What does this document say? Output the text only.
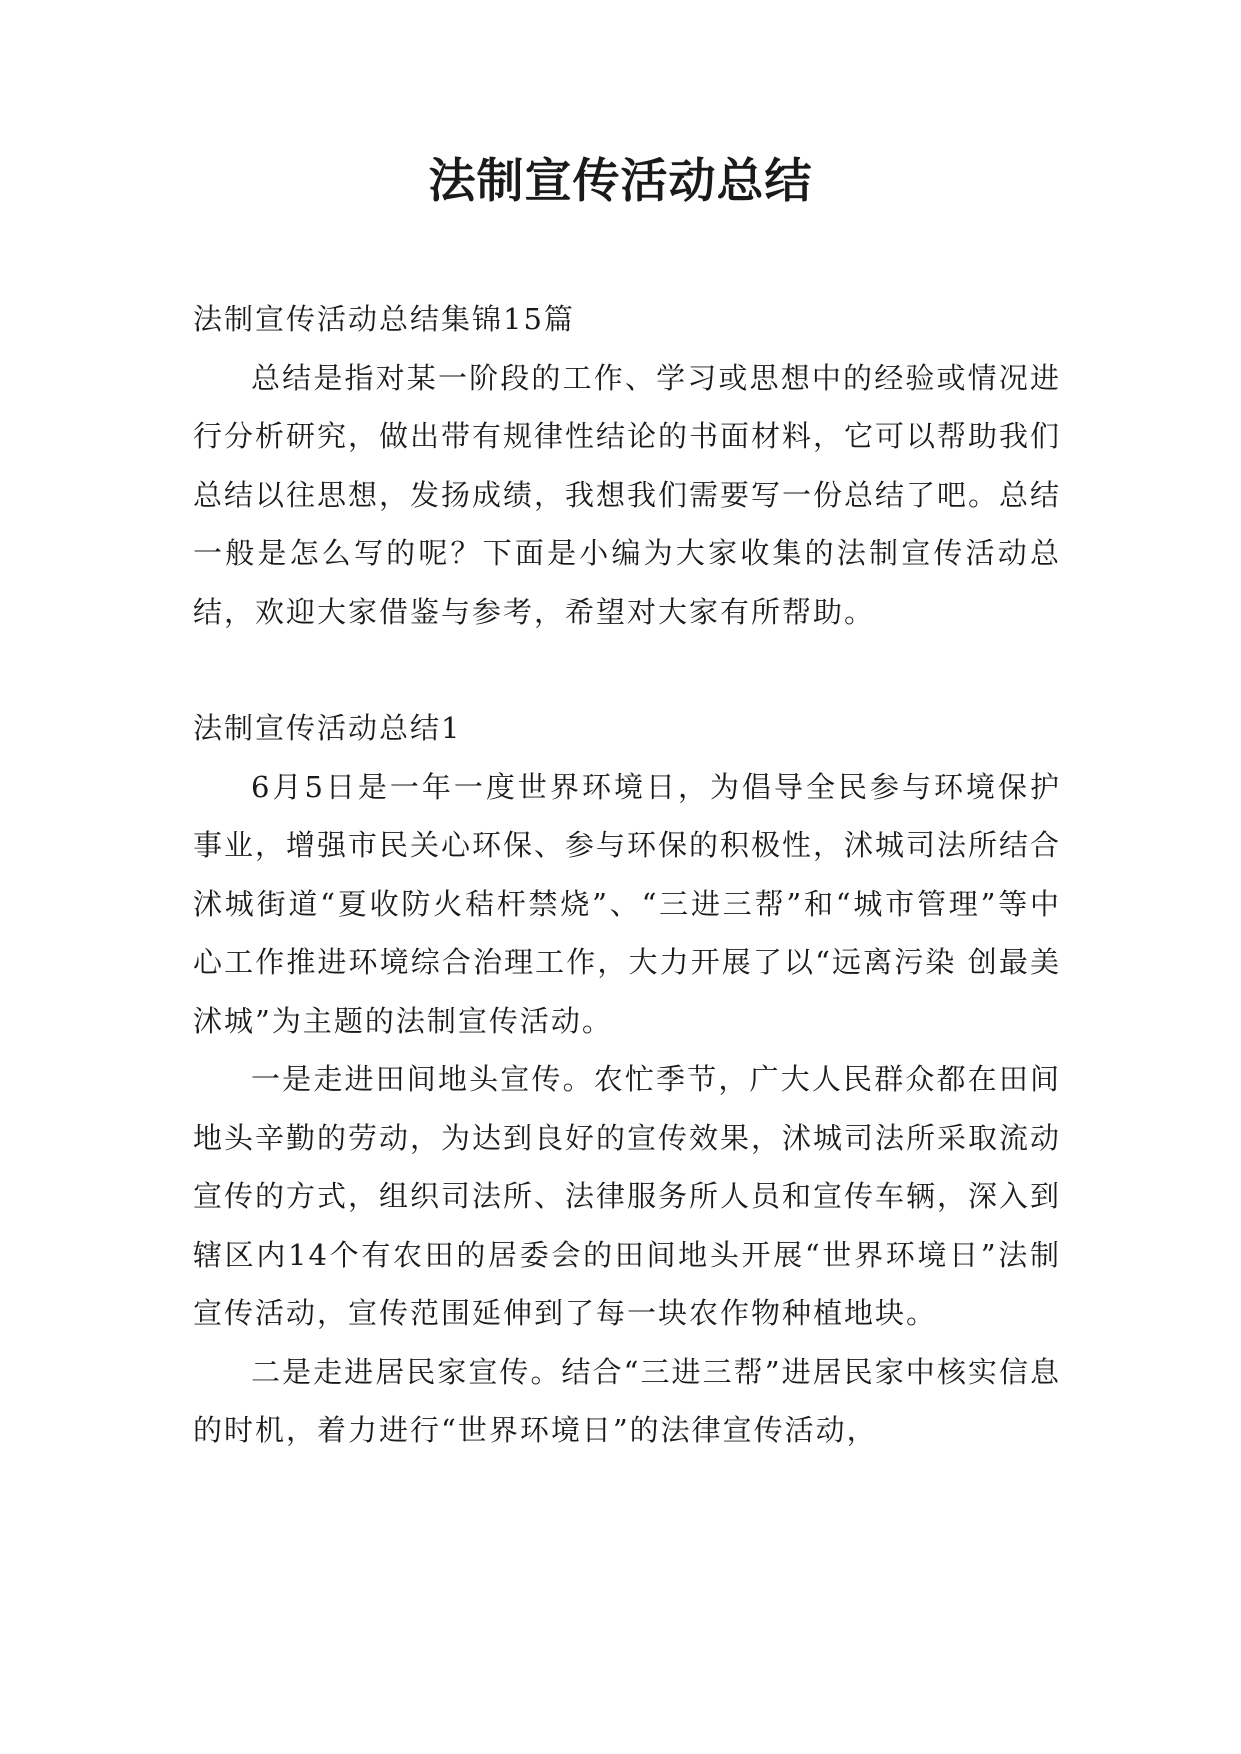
法制宣传活动总结

法制宣传活动总结集锦15篇

总结是指对某一阶段的工作、学习或思想中的经验或情况进行分析研究，做出带有规律性结论的书面材料，它可以帮助我们总结以往思想，发扬成绩，我想我们需要写一份总结了吧。总结一般是怎么写的呢？下面是小编为大家收集的法制宣传活动总结，欢迎大家借鉴与参考，希望对大家有所帮助。

法制宣传活动总结1

6月5日是一年一度世界环境日，为倡导全民参与环境保护事业，增强市民关心环保、参与环保的积极性，沭城司法所结合沭城街道“夏收防火秸杆禁烧”、“三进三帮”和“城市管理”等中心工作推进环境综合治理工作，大力开展了以“远离污染 创最美沭城”为主题的法制宣传活动。

一是走进田间地头宣传。农忙季节，广大人民群众都在田间地头辛勤的劳动，为达到良好的宣传效果，沭城司法所采取流动宣传的方式，组织司法所、法律服务所人员和宣传车辆，深入到辖区内14个有农田的居委会的田间地头开展“世界环境日”法制宣传活动，宣传范围延伸到了每一块农作物种植地块。

二是走进居民家宣传。结合“三进三帮”进居民家中核实信息的时机，着力进行“世界环境日”的法律宣传活动，
